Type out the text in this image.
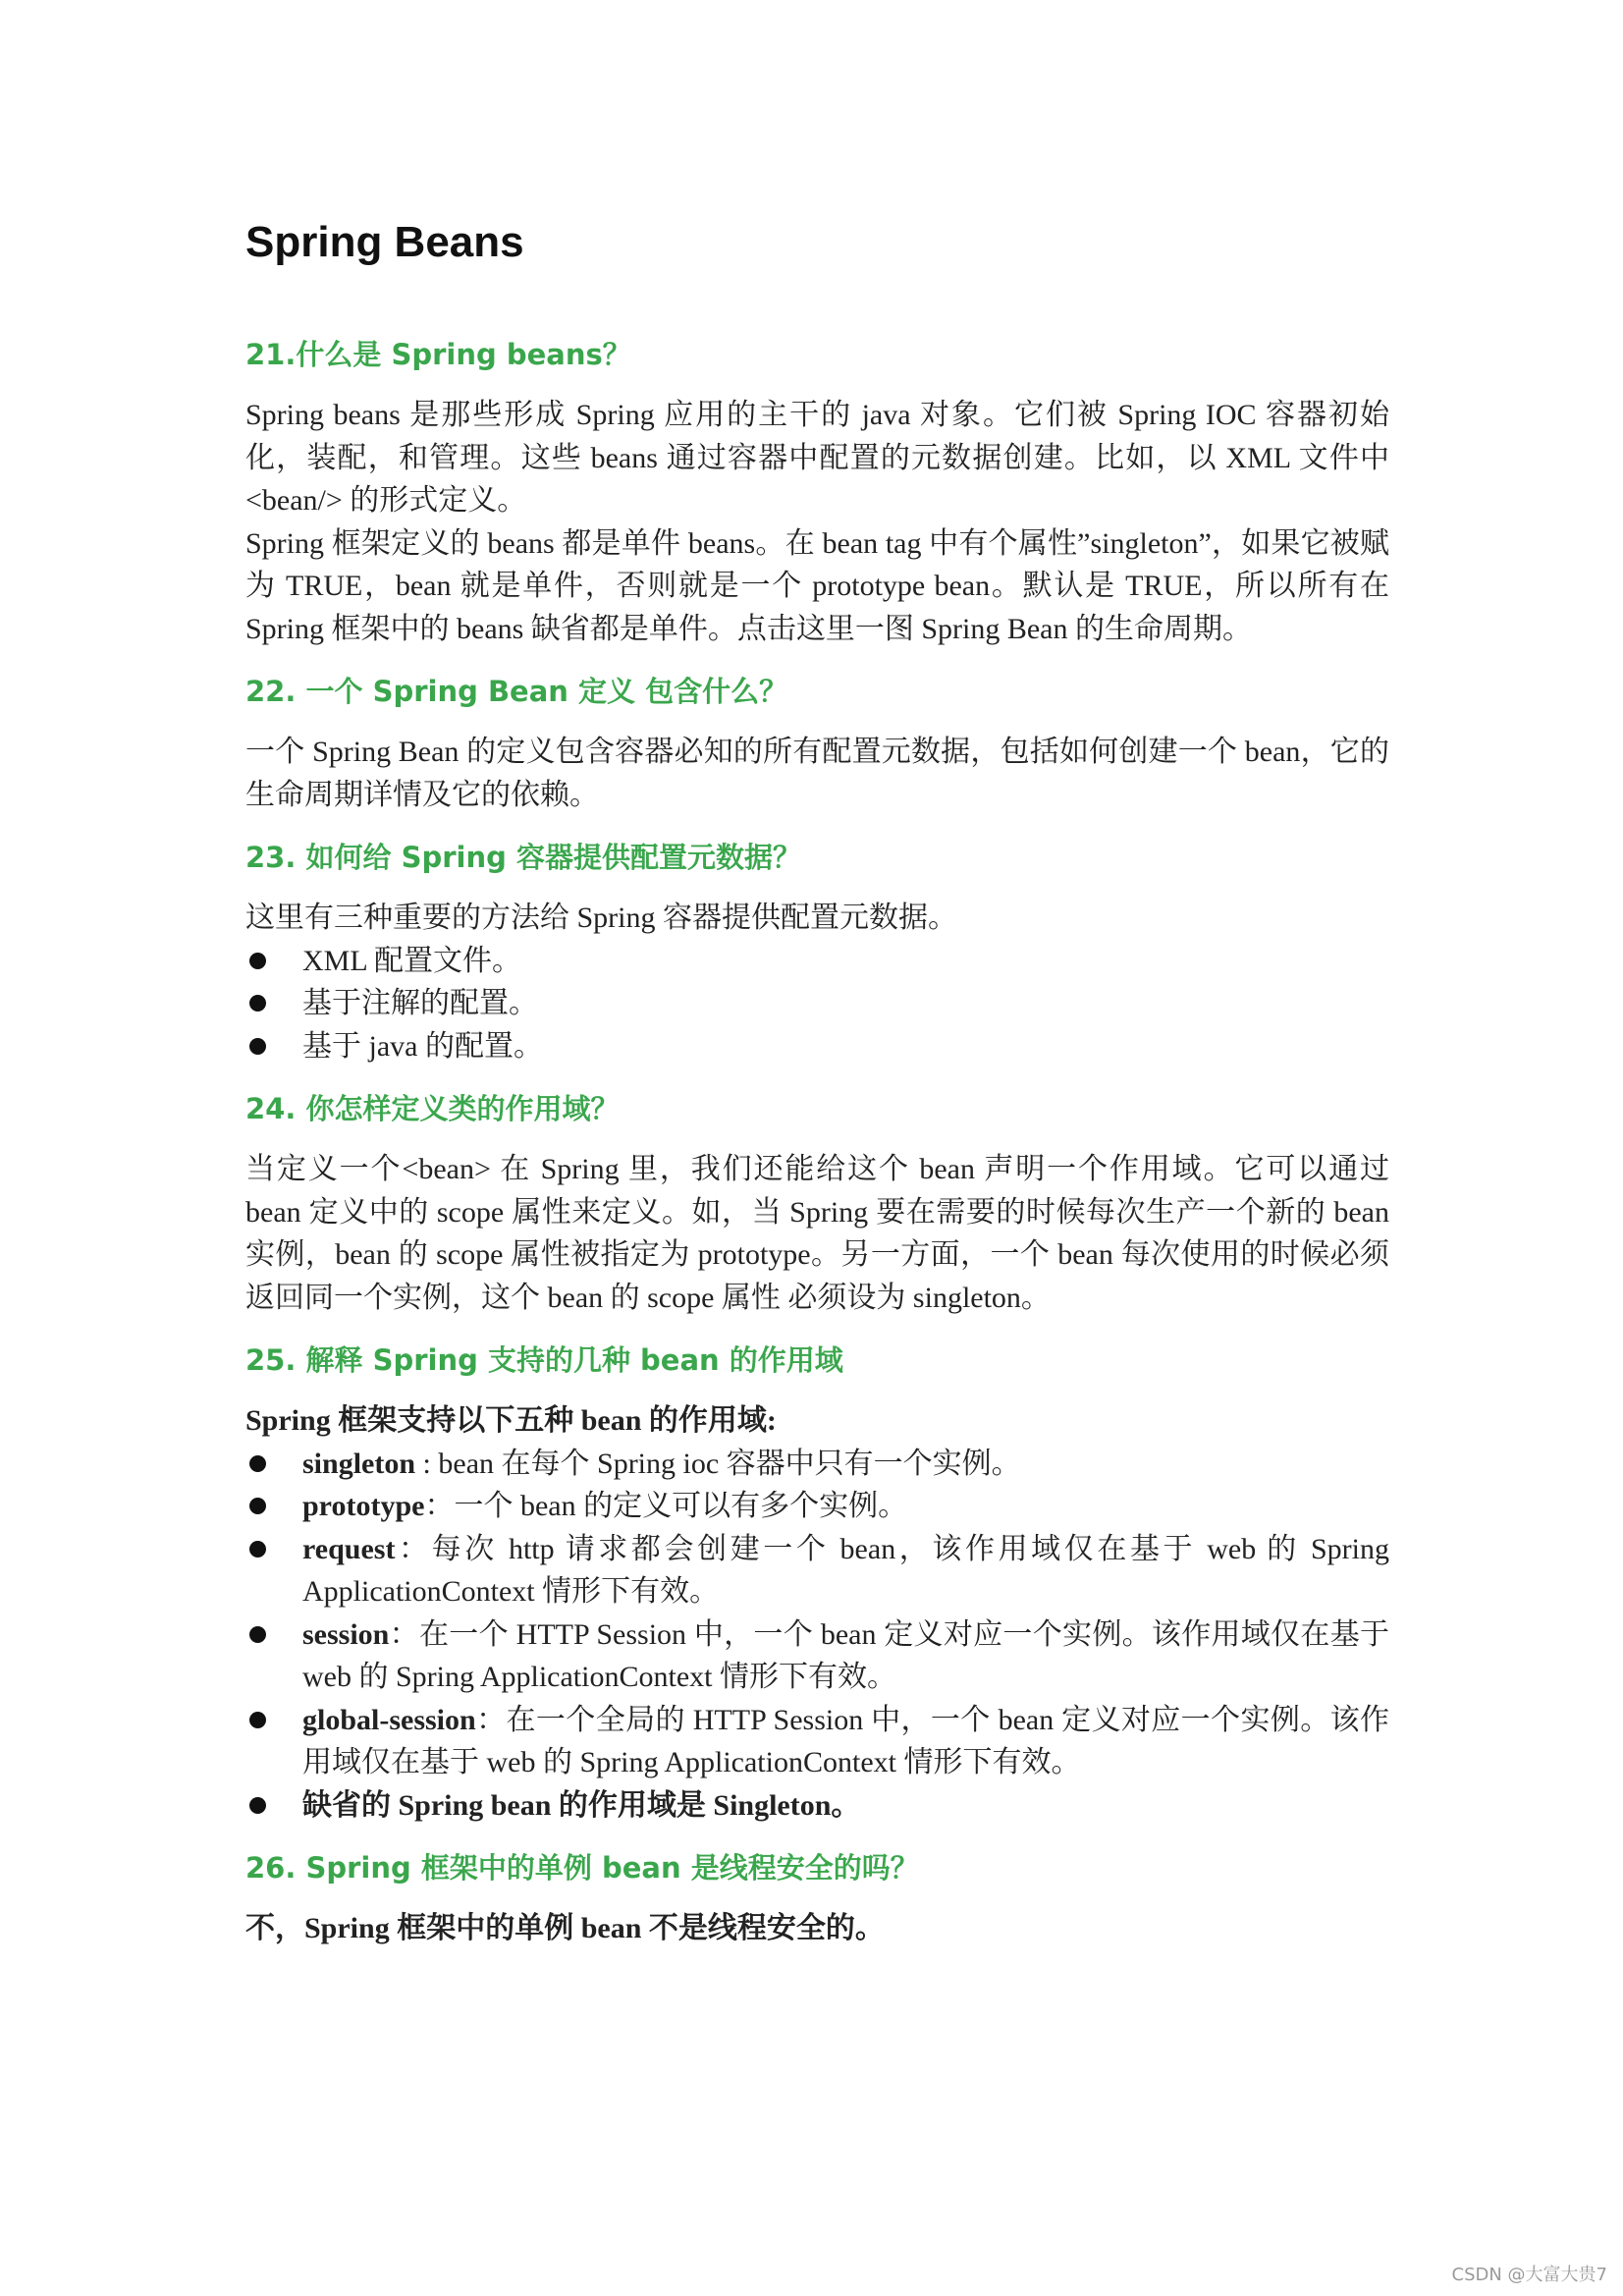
Spring Beans
21.什么是 Spring beans？

Spring beans 是那些形成 Spring 应用的主干的 java 对象。它们被 Spring IOC 容器初始化，装配，和管理。这些 beans 通过容器中配置的元数据创建。比如，以 XML 文件中<bean/> 的形式定义。

Spring 框架定义的 beans 都是单件 beans。在 bean tag 中有个属性”singleton”，如果它被赋为 TRUE，bean 就是单件，否则就是一个 prototype bean。默认是 TRUE，所以所有在 Spring 框架中的 beans 缺省都是单件。点击这里一图 Spring Bean 的生命周期。

22. 一个 Spring Bean 定义 包含什么？

一个 Spring Bean 的定义包含容器必知的所有配置元数据，包括如何创建一个 bean，它的生命周期详情及它的依赖。

23. 如何给 Spring 容器提供配置元数据？

这里有三种重要的方法给 Spring 容器提供配置元数据。

XML 配置文件。
基于注解的配置。
基于 java 的配置。
24. 你怎样定义类的作用域？

当定义一个<bean> 在 Spring 里，我们还能给这个 bean 声明一个作用域。它可以通过 bean 定义中的 scope 属性来定义。如，当 Spring 要在需要的时候每次生产一个新的 bean 实例，bean 的 scope 属性被指定为 prototype。另一方面，一个 bean 每次使用的时候必须返回同一个实例，这个 bean 的 scope 属性 必须设为 singleton。

25. 解释 Spring 支持的几种 bean 的作用域

Spring 框架支持以下五种 bean 的作用域:

singleton : bean 在每个 Spring ioc 容器中只有一个实例。
prototype：一个 bean 的定义可以有多个实例。
request：每次 http 请求都会创建一个 bean，该作用域仅在基于 web 的 Spring ApplicationContext 情形下有效。
session：在一个 HTTP Session 中，一个 bean 定义对应一个实例。该作用域仅在基于 web 的 Spring ApplicationContext 情形下有效。
global-session：在一个全局的 HTTP Session 中，一个 bean 定义对应一个实例。该作用域仅在基于 web 的 Spring ApplicationContext 情形下有效。
缺省的 Spring bean 的作用域是 Singleton。
26. Spring 框架中的单例 bean 是线程安全的吗？

不，Spring 框架中的单例 bean 不是线程安全的。

CSDN @大富大贵7
